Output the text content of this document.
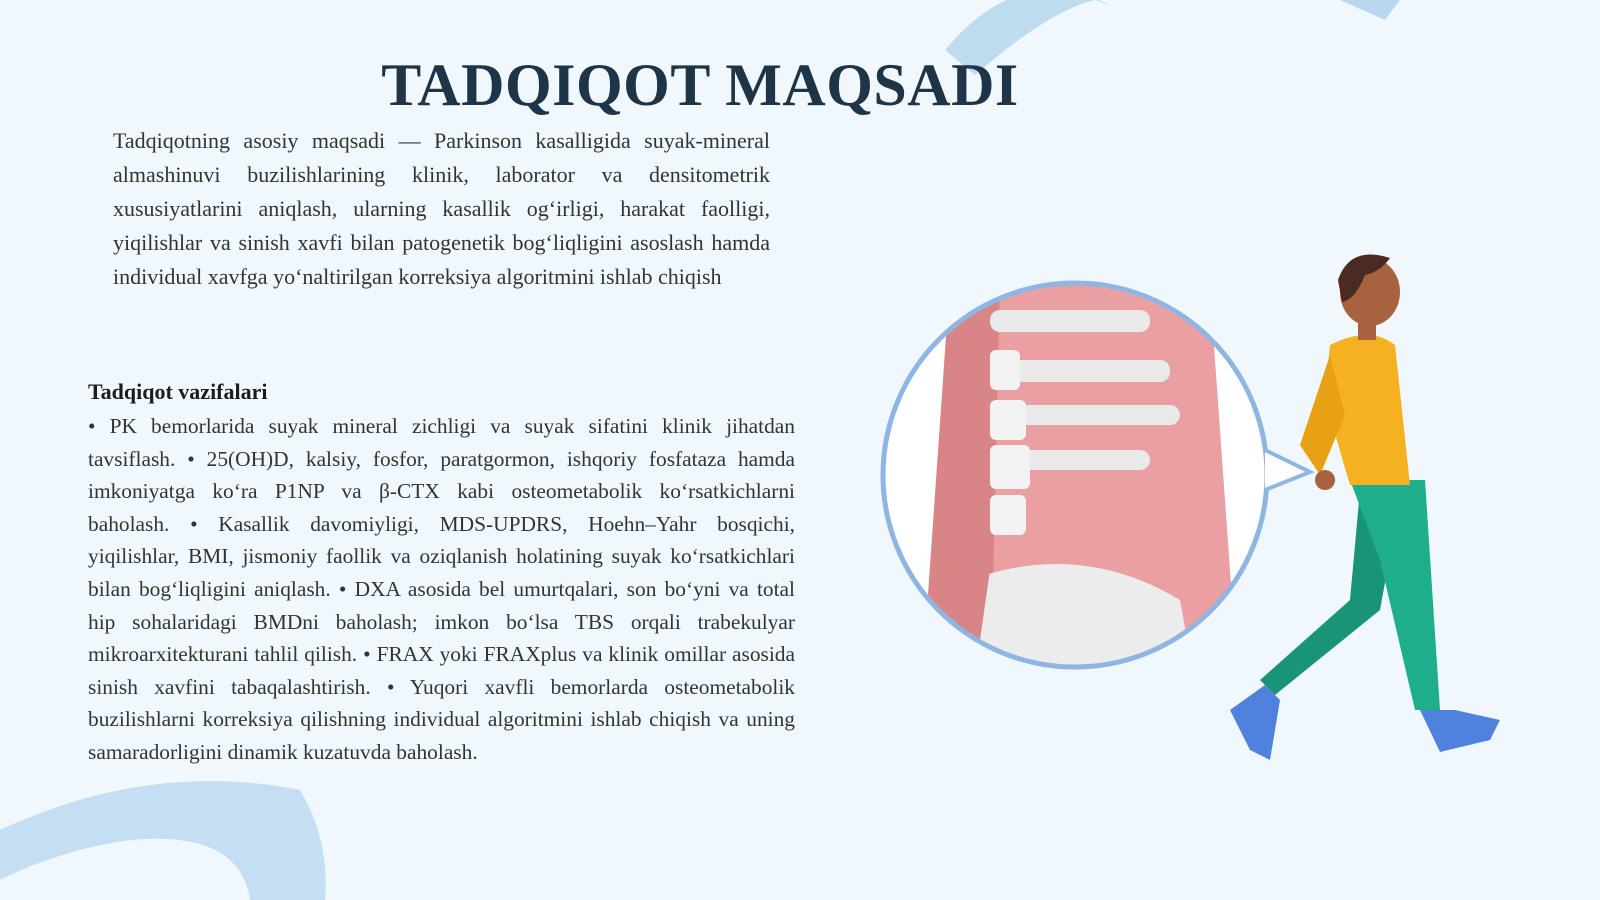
TADQIQOT MAQSADI

Tadqiqotning asosiy maqsadi — Parkinson kasalligida suyak-mineral almashinuvi buzilishlarining klinik, laborator va densitometrik xususiyatlarini aniqlash, ularning kasallik og‘irligi, harakat faolligi, yiqilishlar va sinish xavfi bilan patogenetik bog‘liqligini asoslash hamda individual xavfga yo‘naltirilgan korreksiya algoritmini ishlab chiqish

Tadqiqot vazifalari

• PK bemorlarida suyak mineral zichligi va suyak sifatini klinik jihatdan tavsiflash. • 25(OH)D, kalsiy, fosfor, paratgormon, ishqoriy fosfataza hamda imkoniyatga ko‘ra P1NP va β-CTX kabi osteometabolik ko‘rsatkichlarni baholash. • Kasallik davomiyligi, MDS-UPDRS, Hoehn–Yahr bosqichi, yiqilishlar, BMI, jismoniy faollik va oziqlanish holatining suyak ko‘rsatkichlari bilan bog‘liqligini aniqlash. • DXA asosida bel umurtqalari, son bo‘yni va total hip sohalaridagi BMDni baholash; imkon bo‘lsa TBS orqali trabekulyar mikroarxitekturani tahlil qilish. • FRAX yoki FRAXplus va klinik omillar asosida sinish xavfini tabaqalashtirish. • Yuqori xavfli bemorlarda osteometabolik buzilishlarni korreksiya qilishning individual algoritmini ishlab chiqish va uning samaradorligini dinamik kuzatuvda baholash.
